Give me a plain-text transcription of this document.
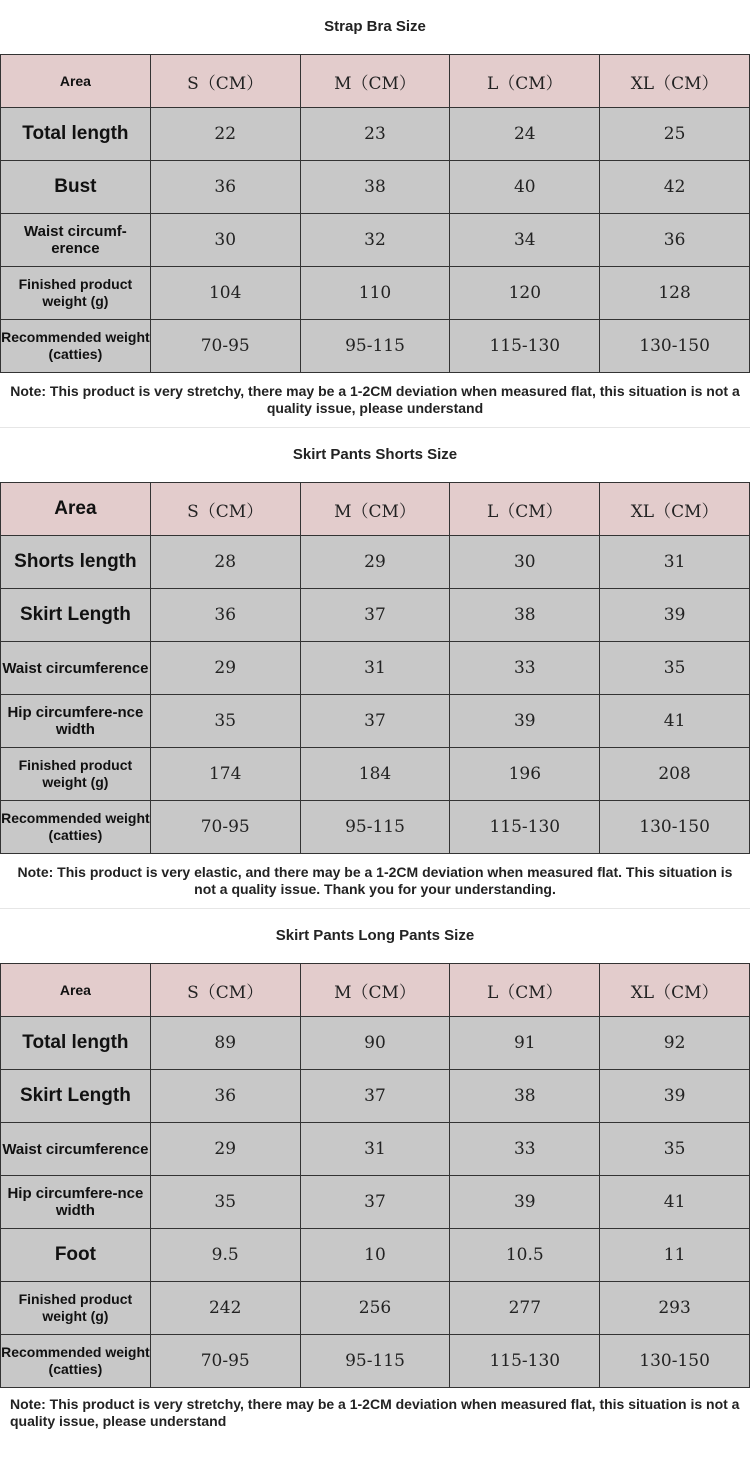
Strap Bra Size
Area	S（CM）	M（CM）	L（CM）	XL（CM）
Total length	22	23	24	25
Bust	36	38	40	42
Waist circumf-erence	30	32	34	36
Finished product weight (g)	104	110	120	128
Recommended weight (catties)	70-95	95-115	115-130	130-150
Note: This product is very stretchy, there may be a 1-2CM deviation when measured flat, this situation is not a quality issue, please understand
Skirt Pants Shorts Size
Area	S（CM）	M（CM）	L（CM）	XL（CM）
Shorts length	28	29	30	31
Skirt Length	36	37	38	39
Waist circumference	29	31	33	35
Hip circumfere-nce width	35	37	39	41
Finished product weight (g)	174	184	196	208
Recommended weight (catties)	70-95	95-115	115-130	130-150
Note: This product is very elastic, and there may be a 1-2CM deviation when measured flat. This situation is not a quality issue. Thank you for your understanding.
Skirt Pants Long Pants Size
Area	S（CM）	M（CM）	L（CM）	XL（CM）
Total length	89	90	91	92
Skirt Length	36	37	38	39
Waist circumference	29	31	33	35
Hip circumfere-nce width	35	37	39	41
Foot	9.5	10	10.5	11
Finished product weight (g)	242	256	277	293
Recommended weight (catties)	70-95	95-115	115-130	130-150
Note: This product is very stretchy, there may be a 1-2CM deviation when measured flat, this situation is not a quality issue, please understand
